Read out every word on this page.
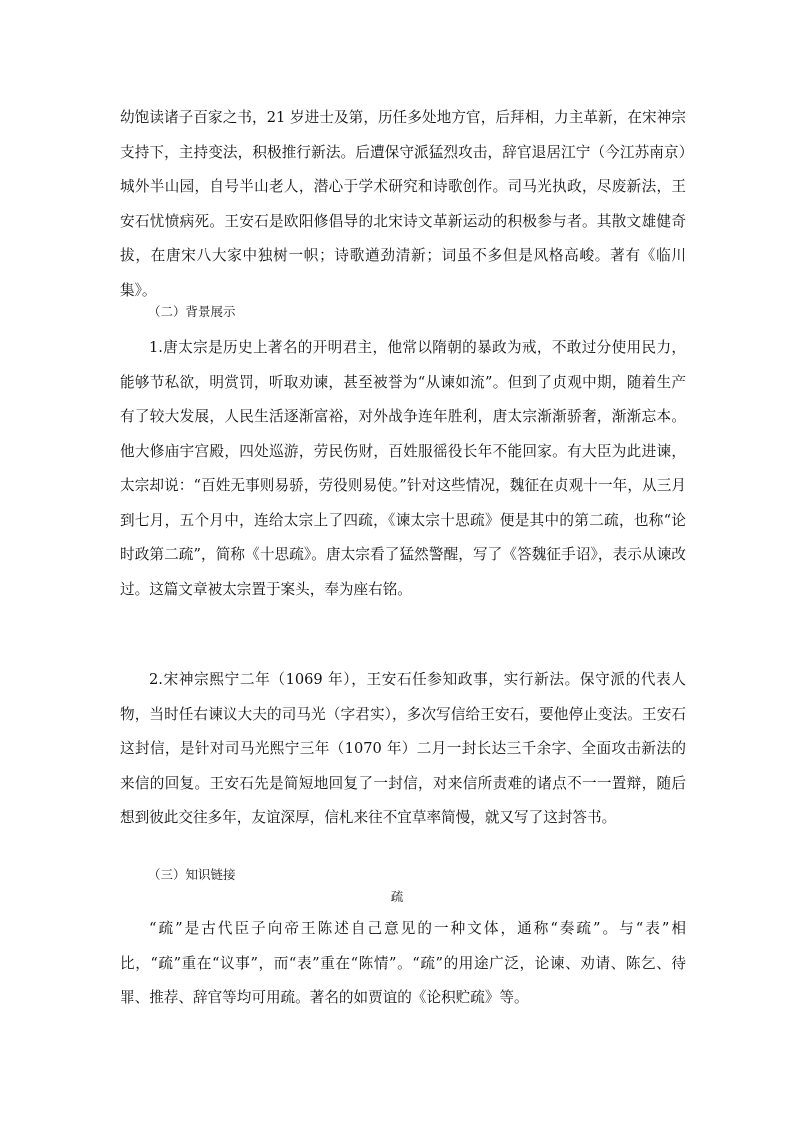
幼饱读诸子百家之书，21 岁进士及第，历任多处地方官，后拜相，力主革新，在宋神宗支持下，主持变法，积极推行新法。后遭保守派猛烈攻击，辞官退居江宁（今江苏南京）城外半山园，自号半山老人，潜心于学术研究和诗歌创作。司马光执政，尽废新法，王安石忧愤病死。王安石是欧阳修倡导的北宋诗文革新运动的积极参与者。其散文雄健奇拔，在唐宋八大家中独树一帜；诗歌遒劲清新；词虽不多但是风格高峻。著有《临川集》。

（二）背景展示

1.唐太宗是历史上著名的开明君主，他常以隋朝的暴政为戒，不敢过分使用民力，能够节私欲，明赏罚，听取劝谏，甚至被誉为“从谏如流”。但到了贞观中期，随着生产有了较大发展，人民生活逐渐富裕，对外战争连年胜利，唐太宗渐渐骄奢，渐渐忘本。他大修庙宇宫殿，四处巡游，劳民伤财，百姓服徭役长年不能回家。有大臣为此进谏，太宗却说：“百姓无事则易骄，劳役则易使。”针对这些情况，魏征在贞观十一年，从三月到七月，五个月中，连给太宗上了四疏，《谏太宗十思疏》便是其中的第二疏，也称“论时政第二疏”，简称《十思疏》。唐太宗看了猛然警醒，写了《答魏征手诏》，表示从谏改过。这篇文章被太宗置于案头，奉为座右铭。

2.宋神宗熙宁二年（1069 年），王安石任参知政事，实行新法。保守派的代表人物，当时任右谏议大夫的司马光（字君实），多次写信给王安石，要他停止变法。王安石这封信，是针对司马光熙宁三年（1070 年）二月一封长达三千余字、全面攻击新法的来信的回复。王安石先是简短地回复了一封信，对来信所责难的诸点不一一置辩，随后想到彼此交往多年，友谊深厚，信札来往不宜草率简慢，就又写了这封答书。

（三）知识链接

疏

“疏”是古代臣子向帝王陈述自己意见的一种文体，通称“奏疏”。与“表”相比，“疏”重在“议事”，而“表”重在“陈情”。“疏”的用途广泛，论谏、劝请、陈乞、待罪、推荐、辞官等均可用疏。著名的如贾谊的《论积贮疏》等。
